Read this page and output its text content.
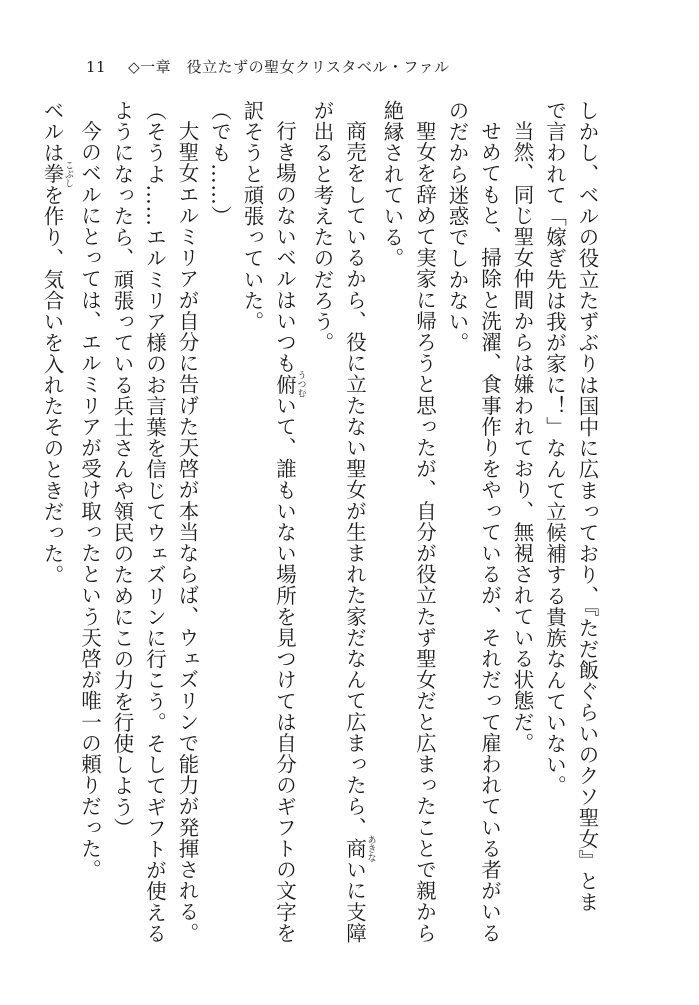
11 ◇一章　役立たずの聖女クリスタベル・ファル
しかし、ベルの役立たずぶりは国中に広まっており、『ただ飯ぐらいのクソ聖女』とま
で言われて「嫁ぎ先は我が家に！」なんて立候補する貴族なんていない。
　当然、同じ聖女仲間からは嫌われており、無視されている状態だ。
　せめてもと、掃除と洗濯、食事作りをやっているが、それだって雇われている者がいる
のだから迷惑でしかない。
　聖女を辞めて実家に帰ろうと思ったが、自分が役立たず聖女だと広まったことで親から
絶縁されている。
　商売をしているから、役に立たない聖女が生まれた家だなんて広まったら、商 あきないに支障
が出ると考えたのだろう。
　行き場のないベルはいつも俯 うつむいて、誰もいない場所を見つけては自分のギフトの文字を
訳そうと頑張っていた。
（でも……）
　大聖女エルミリアが自分に告げた天啓が本当ならば、ウェズリンで能力が発揮される。
（そうよ……エルミリア様のお言葉を信じてウェズリンに行こう。そしてギフトが使える
ようになったら、頑張っている兵士さんや領民のためにこの力を行使しよう）
　今のベルにとっては、エルミリアが受け取ったという天啓が唯一の頼りだった。
ベルは拳 こぶしを作り、気合いを入れたそのときだった。
